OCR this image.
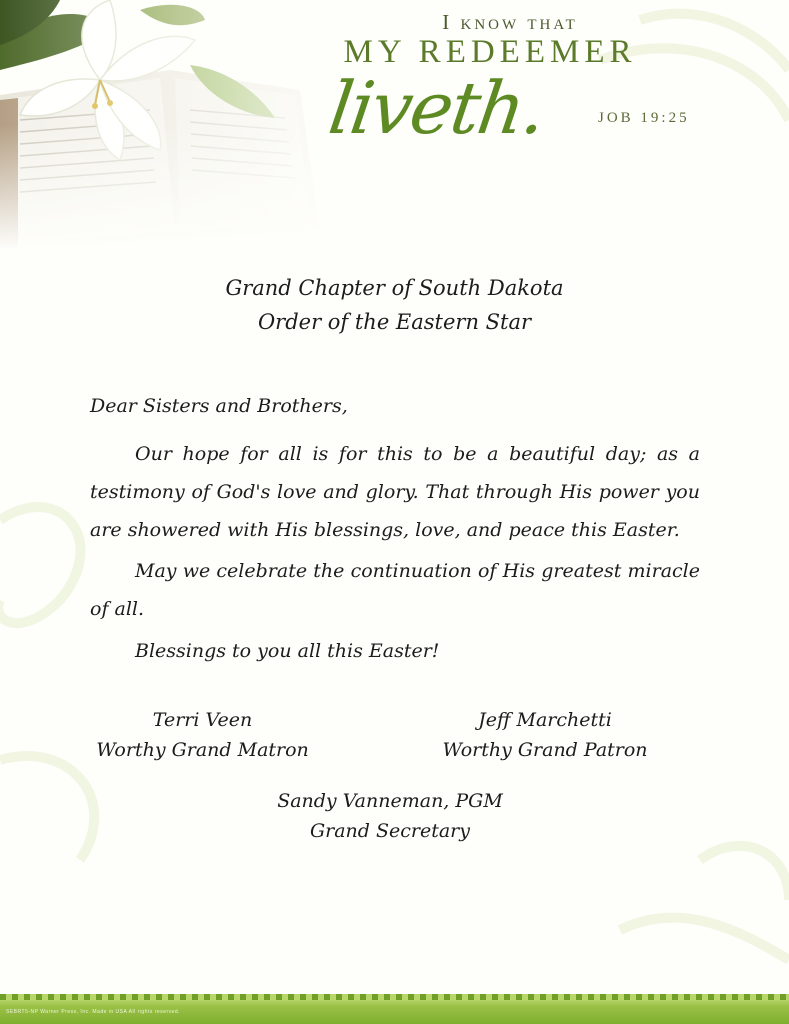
I know that
MY REDEEMER
liveth.	JOB 19:25
Grand Chapter of South Dakota
Order of the Eastern Star
Dear Sisters and Brothers,
Our hope for all is for this to be a beautiful day; as a testimony of God's love and glory. That through His power you are showered with His blessings, love, and peace this Easter.
May we celebrate the continuation of His greatest miracle of all.
Blessings to you all this Easter!
Terri Veen
Worthy Grand Matron
Jeff Marchetti
Worthy Grand Patron
Sandy Vanneman, PGM
Grand Secretary
SEBRT5-NP Warner Press, Inc. Made in USA All rights reserved.
